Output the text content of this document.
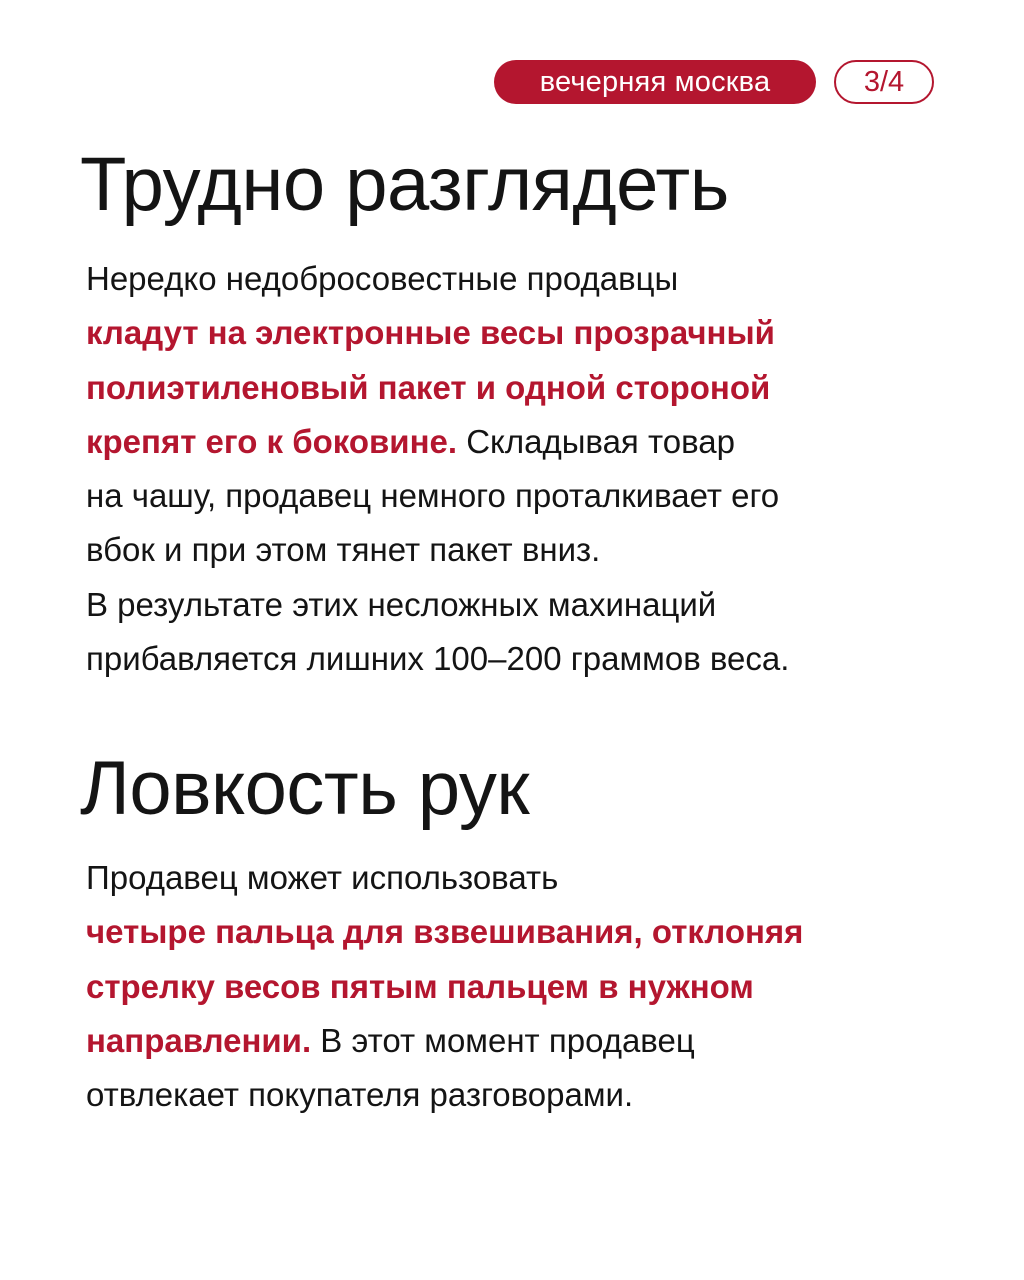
вечерняя москва	3/4
Трудно разглядеть

Нередко недобросовестные продавцы
кладут на электронные весы прозрачный
полиэтиленовый пакет и одной стороной
крепят его к боковине. Складывая товар
на чашу, продавец немного проталкивает его
вбок и при этом тянет пакет вниз.
В результате этих несложных махинаций
прибавляется лишних 100–200 граммов веса.

Ловкость рук

Продавец может использовать
четыре пальца для взвешивания, отклоняя
стрелку весов пятым пальцем в нужном
направлении. В этот момент продавец
отвлекает покупателя разговорами.
